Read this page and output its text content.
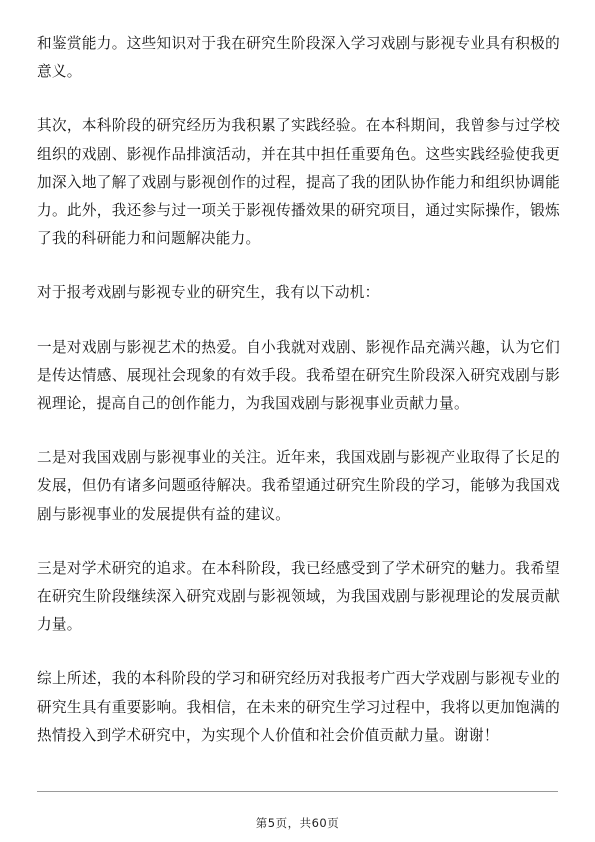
和鉴赏能力。这些知识对于我在研究生阶段深入学习戏剧与影视专业具有积极的意义。

其次，本科阶段的研究经历为我积累了实践经验。在本科期间，我曾参与过学校组织的戏剧、影视作品排演活动，并在其中担任重要角色。这些实践经验使我更加深入地了解了戏剧与影视创作的过程，提高了我的团队协作能力和组织协调能力。此外，我还参与过一项关于影视传播效果的研究项目，通过实际操作，锻炼了我的科研能力和问题解决能力。

对于报考戏剧与影视专业的研究生，我有以下动机：

一是对戏剧与影视艺术的热爱。自小我就对戏剧、影视作品充满兴趣，认为它们是传达情感、展现社会现象的有效手段。我希望在研究生阶段深入研究戏剧与影视理论，提高自己的创作能力，为我国戏剧与影视事业贡献力量。

二是对我国戏剧与影视事业的关注。近年来，我国戏剧与影视产业取得了长足的发展，但仍有诸多问题亟待解决。我希望通过研究生阶段的学习，能够为我国戏剧与影视事业的发展提供有益的建议。

三是对学术研究的追求。在本科阶段，我已经感受到了学术研究的魅力。我希望在研究生阶段继续深入研究戏剧与影视领域，为我国戏剧与影视理论的发展贡献力量。

综上所述，我的本科阶段的学习和研究经历对我报考广西大学戏剧与影视专业的研究生具有重要影响。我相信，在未来的研究生学习过程中，我将以更加饱满的热情投入到学术研究中，为实现个人价值和社会价值贡献力量。谢谢！

第5页，共60页
